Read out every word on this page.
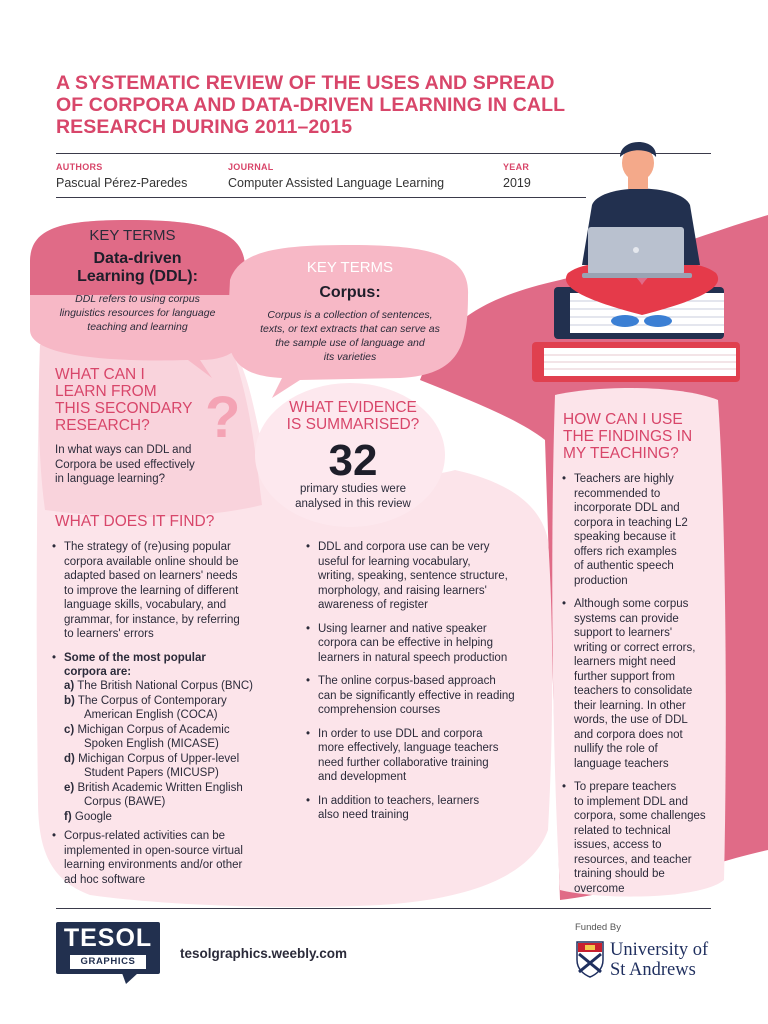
A SYSTEMATIC REVIEW OF THE USES AND SPREAD
OF CORPORA AND DATA-DRIVEN LEARNING IN CALL
RESEARCH DURING 2011–2015
AUTHORS
Pascual Pérez-Paredes
JOURNAL
Computer Assisted Language Learning
YEAR
2019
KEY TERMS
Data-driven
Learning (DDL):
DDL refers to using corpus
linguistics resources for language
teaching and learning
KEY TERMS
Corpus:
Corpus is a collection of sentences,
texts, or text extracts that can serve as
the sample use of language and
its varieties
WHAT CAN I
LEARN FROM
THIS SECONDARY
RESEARCH? ?
In what ways can DDL and
Corpora be used effectively
in language learning?
WHAT EVIDENCE
IS SUMMARISED?
32
primary studies were
analysed in this review
WHAT DOES IT FIND?
• The strategy of (re)using popular
corpora available online should be
adapted based on learners' needs
to improve the learning of different
language skills, vocabulary, and
grammar, for instance, by referring
to learners' errors
• Some of the most popular
corpora are:
a) The British National Corpus (BNC)
b) The Corpus of Contemporary
American English (COCA)
c) Michigan Corpus of Academic
Spoken English (MICASE)
d) Michigan Corpus of Upper-level
Student Papers (MICUSP)
e) British Academic Written English
Corpus (BAWE)
f) Google
• Corpus-related activities can be
implemented in open-source virtual
learning environments and/or other
ad hoc software
• DDL and corpora use can be very
useful for learning vocabulary,
writing, speaking, sentence structure,
morphology, and raising learners'
awareness of register
• Using learner and native speaker
corpora can be effective in helping
learners in natural speech production
• The online corpus-based approach
can be significantly effective in reading
comprehension courses
• In order to use DDL and corpora
more effectively, language teachers
need further collaborative training
and development
• In addition to teachers, learners
also need training
HOW CAN I USE
THE FINDINGS IN
MY TEACHING?
• Teachers are highly
recommended to
incorporate DDL and
corpora in teaching L2
speaking because it
offers rich examples
of authentic speech
production
• Although some corpus
systems can provide
support to learners'
writing or correct errors,
learners might need
further support from
teachers to consolidate
their learning. In other
words, the use of DDL
and corpora does not
nullify the role of
language teachers
• To prepare teachers
to implement DDL and
corpora, some challenges
related to technical
issues, access to
resources, and teacher
training should be
overcome
TESOL
GRAPHICS
tesolgraphics.weebly.com
Funded By
University of
St Andrews
